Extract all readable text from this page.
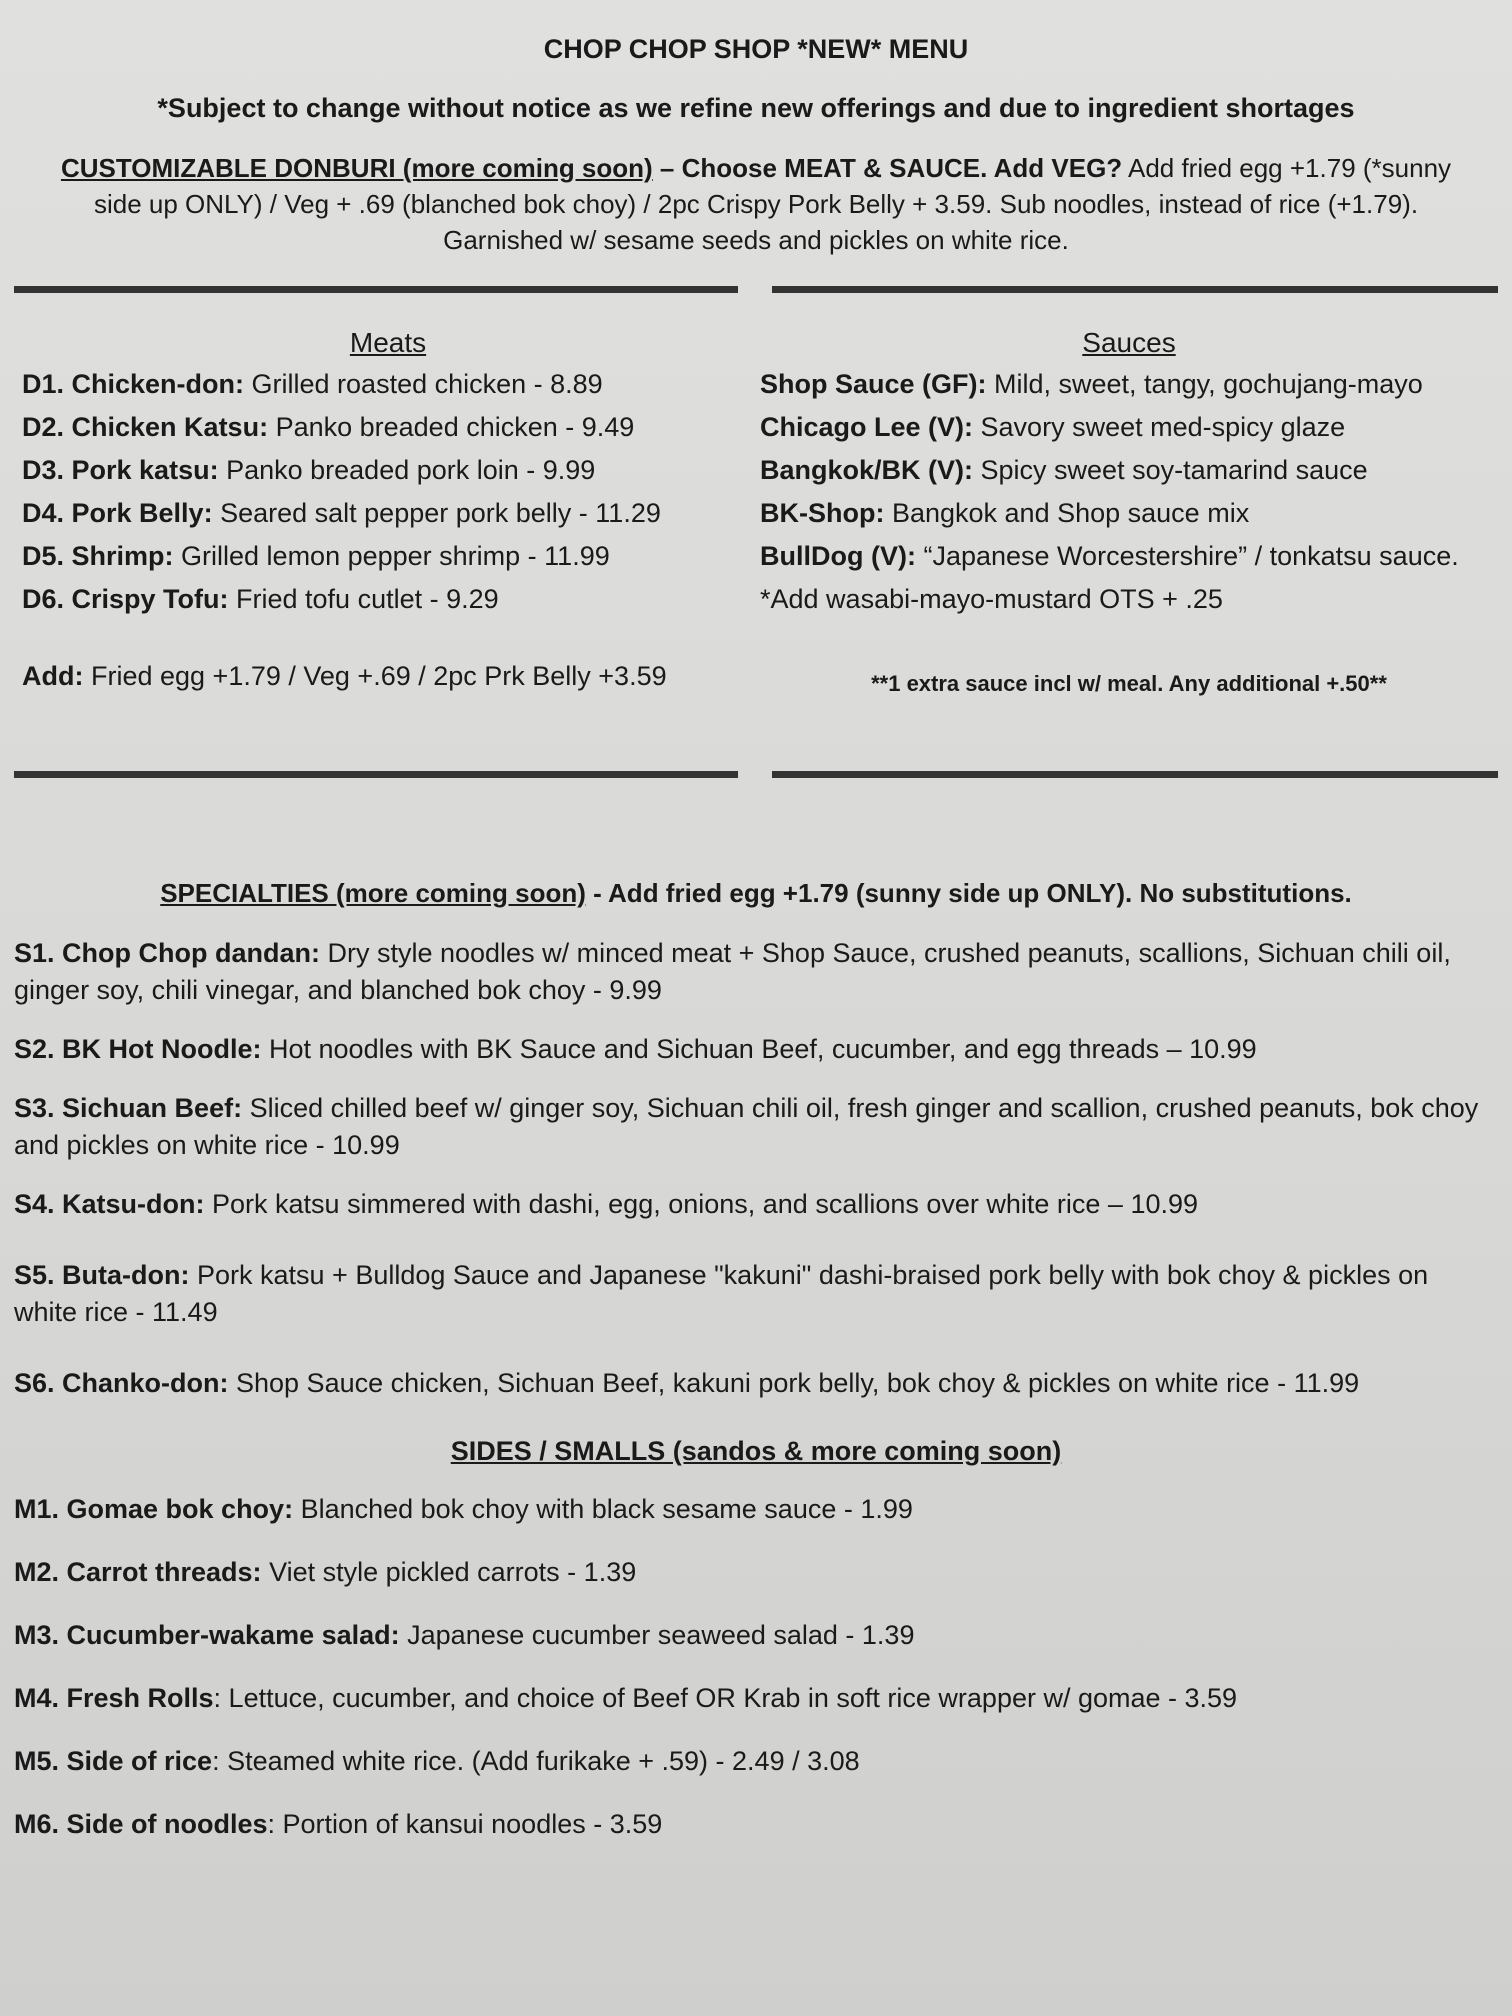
CHOP CHOP SHOP *NEW* MENU
*Subject to change without notice as we refine new offerings and due to ingredient shortages
CUSTOMIZABLE DONBURI (more coming soon) – Choose MEAT & SAUCE. Add VEG? Add fried egg +1.79 (*sunny side up ONLY) / Veg + .69 (blanched bok choy) / 2pc Crispy Pork Belly + 3.59. Sub noodles, instead of rice (+1.79). Garnished w/ sesame seeds and pickles on white rice.
Meats
D1. Chicken-don: Grilled roasted chicken - 8.89
D2. Chicken Katsu: Panko breaded chicken - 9.49
D3. Pork katsu: Panko breaded pork loin - 9.99
D4. Pork Belly: Seared salt pepper pork belly - 11.29
D5. Shrimp: Grilled lemon pepper shrimp - 11.99
D6. Crispy Tofu: Fried tofu cutlet - 9.29
Add: Fried egg +1.79 / Veg +.69 / 2pc Prk Belly +3.59
Sauces
Shop Sauce (GF): Mild, sweet, tangy, gochujang-mayo
Chicago Lee (V): Savory sweet med-spicy glaze
Bangkok/BK (V): Spicy sweet soy-tamarind sauce
BK-Shop: Bangkok and Shop sauce mix
BullDog (V): “Japanese Worcestershire” / tonkatsu sauce. *Add wasabi-mayo-mustard OTS + .25
**1 extra sauce incl w/ meal. Any additional +.50**
SPECIALTIES (more coming soon) - Add fried egg +1.79 (sunny side up ONLY). No substitutions.
S1. Chop Chop dandan: Dry style noodles w/ minced meat + Shop Sauce, crushed peanuts, scallions, Sichuan chili oil, ginger soy, chili vinegar, and blanched bok choy - 9.99
S2. BK Hot Noodle: Hot noodles with BK Sauce and Sichuan Beef, cucumber, and egg threads – 10.99
S3. Sichuan Beef: Sliced chilled beef w/ ginger soy, Sichuan chili oil, fresh ginger and scallion, crushed peanuts, bok choy and pickles on white rice - 10.99
S4. Katsu-don: Pork katsu simmered with dashi, egg, onions, and scallions over white rice – 10.99
S5. Buta-don: Pork katsu + Bulldog Sauce and Japanese "kakuni" dashi-braised pork belly with bok choy & pickles on white rice - 11.49
S6. Chanko-don: Shop Sauce chicken, Sichuan Beef, kakuni pork belly, bok choy & pickles on white rice - 11.99
SIDES / SMALLS (sandos & more coming soon)
M1. Gomae bok choy: Blanched bok choy with black sesame sauce - 1.99
M2. Carrot threads: Viet style pickled carrots - 1.39
M3. Cucumber-wakame salad: Japanese cucumber seaweed salad - 1.39
M4. Fresh Rolls: Lettuce, cucumber, and choice of Beef OR Krab in soft rice wrapper w/ gomae - 3.59
M5. Side of rice: Steamed white rice. (Add furikake + .59) - 2.49 / 3.08
M6. Side of noodles: Portion of kansui noodles - 3.59
